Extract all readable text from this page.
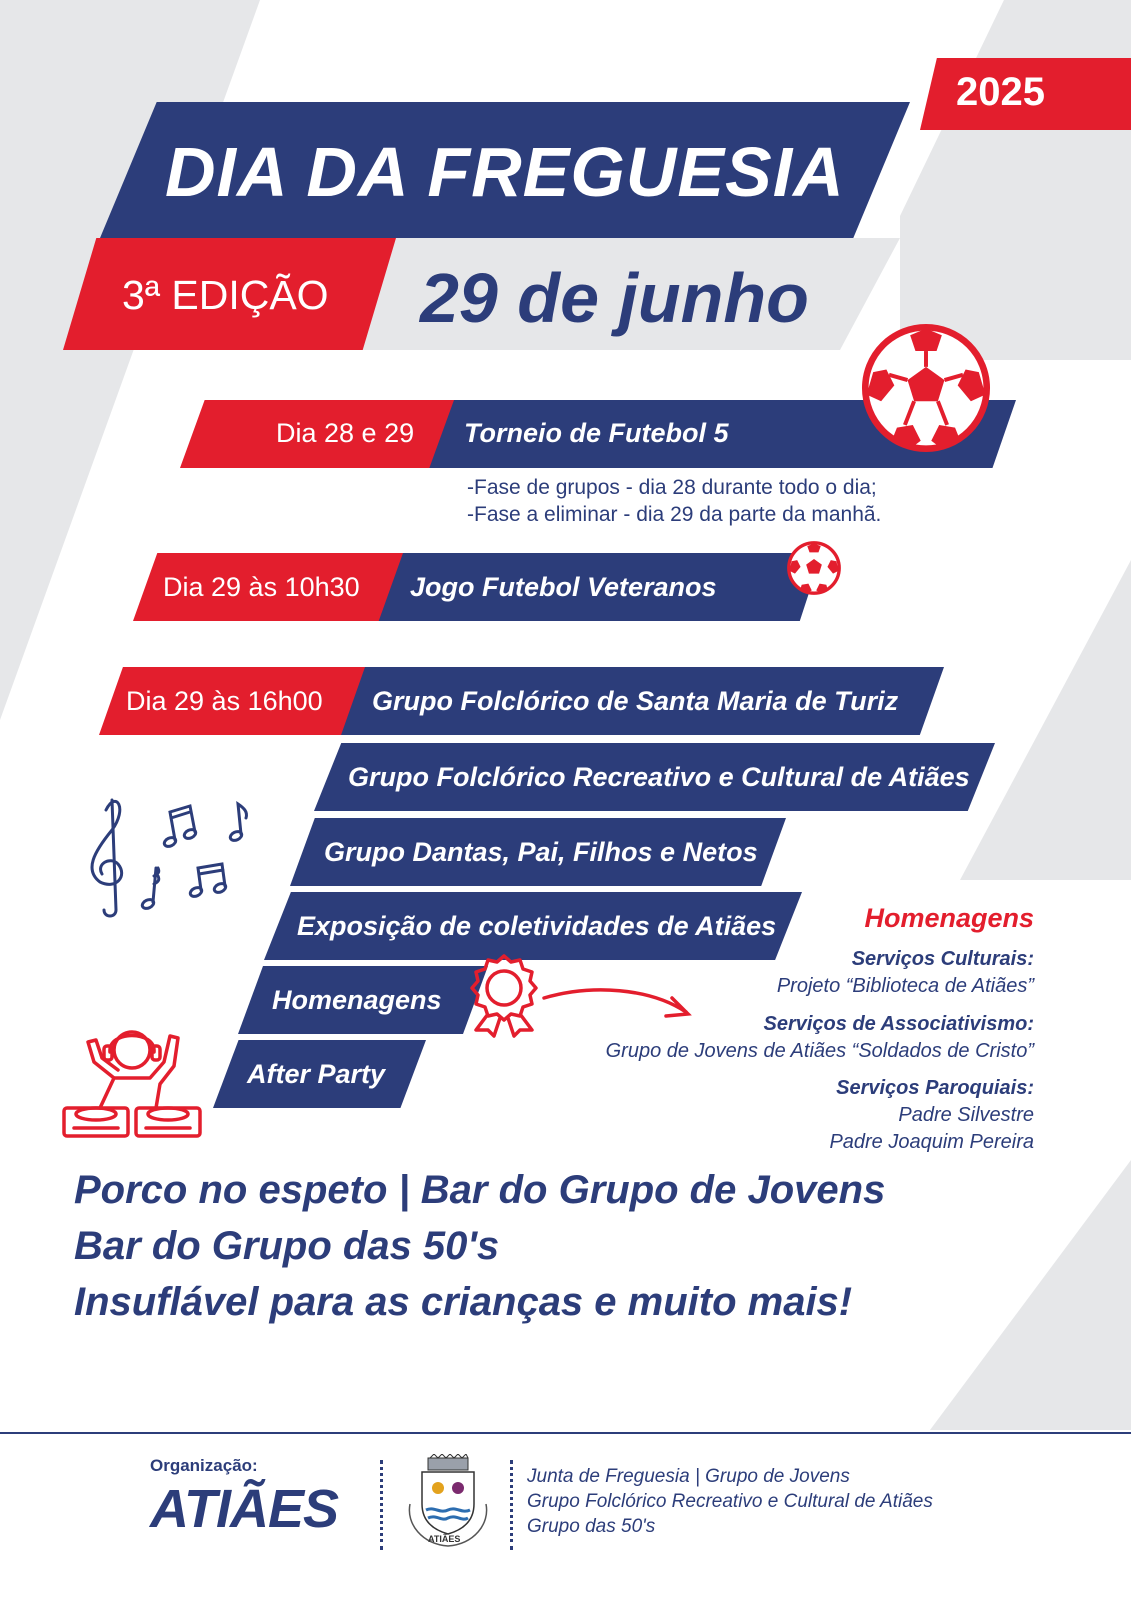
2025
DIA DA FREGUESIA
3ª EDIÇÃO 29 de junho
Dia 28 e 29 Torneio de Futebol 5
-Fase de grupos - dia 28 durante todo o dia;
-Fase a eliminar - dia 29 da parte da manhã.
Dia 29 às 10h30 Jogo Futebol Veteranos
Dia 29 às 16h00 Grupo Folclórico de Santa Maria de Turiz
Grupo Folclórico Recreativo e Cultural de Atiães
Grupo Dantas, Pai, Filhos e Netos
Exposição de coletividades de Atiães
Homenagens
After Party
Homenagens
Serviços Culturais:
Projeto “Biblioteca de Atiães”
Serviços de Associativismo:
Grupo de Jovens de Atiães “Soldados de Cristo”
Serviços Paroquiais:
Padre Silvestre
Padre Joaquim Pereira
Porco no espeto | Bar do Grupo de Jovens
Bar do Grupo das 50's
Insuflável para as crianças e muito mais!
Organização:
ATIÃES	ATIÃES
Junta de Freguesia | Grupo de Jovens
Grupo Folclórico Recreativo e Cultural de Atiães
Grupo das 50's
